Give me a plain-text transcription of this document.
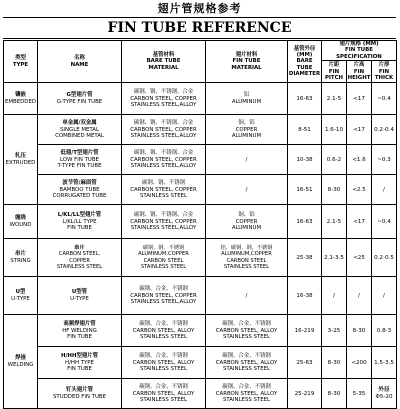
翅片管规格参考
FIN TUBE REFERENCE
类型
TYPE	名称
NAME	基管材料
BARE TUBE
MATERIAL	翅片材料
FIN TUBE
MATERIAL	基管外径
(MM)
BARE TUBE
DIAMETER	翅片规格 (MM)
FIN TUBE SPECIFICATION		

					片距
FIN
PITCH	片高
FIN
HEIGHT	片厚
FIN
THICK

镶嵌
EMBEDDED	G型翅片管
G-TYPE FIN TUBE	碳钢、钢、不锈钢、合金
CARBON STEEL, COPPER
STAINLESS STEEL,ALLOY	铝
ALUMINUM	16-63	2.1-5	<17	~0.4

轧压
EXTRUDED	单金属/双金属
SINGLE METAL
COMBINED METAL	碳钢、钢、不锈钢、合金
CARBON STEEL, COPPER
STAINLESS STEEL,ALLOY	铜、铝
COPPER
ALUMINUM	8-51	1.6-10	<17	0.2-0.4

	低翅/T型翅片管
LOW FIN TUBE
T-TYPE FIN TUBE	碳钢、钢、不锈钢、合金
CARBON STEEL, COPPER
STAINLESS STEEL,ALLOY	/	10-38	0.6-2	<1.6	~0.3

	波节管/麻面管
BAMBOO TUBE
CORRUGATED TUBE	碳钢、钢、不锈钢
CARBON STEEL, COPPER
STAINLESS STEEL	/	16-51	8-30	<2.5	/

缠绕
WOUND	L/KL/LL型翅片管
L/KL/LL TYPE
FIN TUBE	碳钢、钢、不锈钢、合金
CARBON STEEL, COPPER
STAINLESS STEEL,ALLOY	铜、铝
COPPER
ALUMINUM	16-63	2.1-5	<17	~0.4

串片
STRING	串片
CARBON STEEL,
COPPER
STAINLESS STEEL	碳钢、钢、不锈钢
ALUMINUM,COPPER
CARBON STEEL
STAINLESS STEEL	铝、碳钢、钢、不锈钢
ALUMINUM,COPPER
CARBON STEEL
STAINLESS STEEL	25-38	2.1-3.5	<25	0.2-0.5

U型
U-TYPE	U型管
U-TYPE	碳钢、合金、不锈钢
CARBON STEEL, COPPER
STAINLESS STEEL,ALLOY	/	16-38	/	/	/

焊接
WELDING	高频焊翅片管
HF WELDING
FIN TUBE	碳钢、合金、不锈钢
CARBON STEEL, ALLOY
STAINLESS STEEL	碳钢、合金、不锈钢
CARBON STEEL, ALLOY
STAINLESS STEEL	16-219	3-25	8-30	0.8-3

	H/HH型翅片管
H/HH TYPE
FIN TUBE	碳钢、合金、不锈钢
CARBON STEEL, ALLOY
STAINLESS STEEL	碳钢、合金、不锈钢
CARBON STEEL, ALLOY
STAINLESS STEEL	25-63	8-30	<200	1.5-3.5

	钉头翅片管
STUDDED FIN TUBE	碳钢、合金、不锈钢
CARBON STEEL, ALLOY
STAINLESS STEEL	碳钢、合金、不锈钢
CARBON STEEL, ALLOY
STAINLESS STEEL	25-219	8-30	5-35	外径
Φ5-20
